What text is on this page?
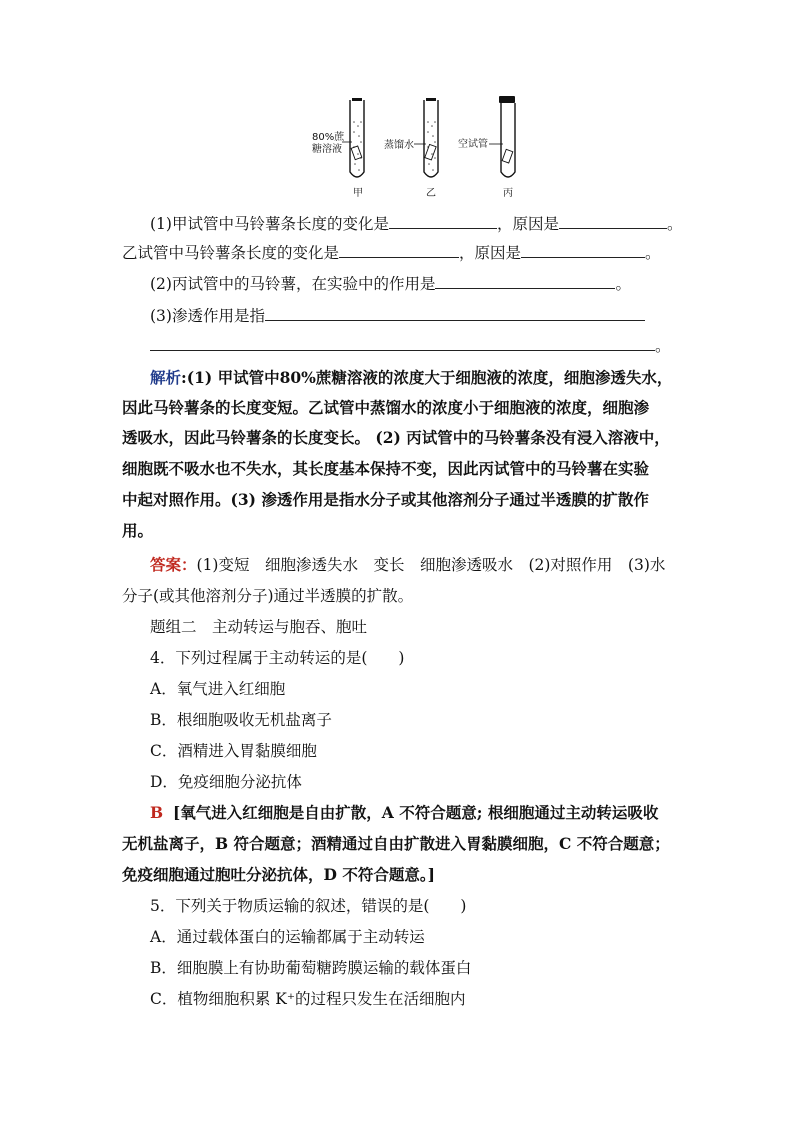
80%蔗
糖溶液
甲
蒸馏水
乙
空试管
丙
(1)甲试管中马铃薯条长度的变化是	，原因是	。
乙试管中马铃薯条长度的变化是	，原因是	。
(2)丙试管中的马铃薯，在实验中的作用是	。
(3)渗透作用是指
。
解析:(1) 甲试管中80%蔗糖溶液的浓度大于细胞液的浓度，细胞渗透失水，
因此马铃薯条的长度变短。乙试管中蒸馏水的浓度小于细胞液的浓度，细胞渗
透吸水，因此马铃薯条的长度变长。 (2) 丙试管中的马铃薯条没有浸入溶液中，
细胞既不吸水也不失水，其长度基本保持不变，因此丙试管中的马铃薯在实验
中起对照作用。(3) 渗透作用是指水分子或其他溶剂分子通过半透膜的扩散作
用。
答案：(1)变短　细胞渗透失水　变长　细胞渗透吸水　(2)对照作用　(3)水
分子(或其他溶剂分子)通过半透膜的扩散。
题组二　主动转运与胞吞、胞吐
4．下列过程属于主动转运的是(　　)
A．氧气进入红细胞
B．根细胞吸收无机盐离子
C．酒精进入胃黏膜细胞
D．免疫细胞分泌抗体
B [氧气进入红细胞是自由扩散，A 不符合题意; 根细胞通过主动转运吸收
无机盐离子，B 符合题意；酒精通过自由扩散进入胃黏膜细胞，C 不符合题意；
免疫细胞通过胞吐分泌抗体，D 不符合题意。]
5．下列关于物质运输的叙述，错误的是(　　)
A．通过载体蛋白的运输都属于主动转运
B．细胞膜上有协助葡萄糖跨膜运输的载体蛋白
C．植物细胞积累 K⁺的过程只发生在活细胞内
